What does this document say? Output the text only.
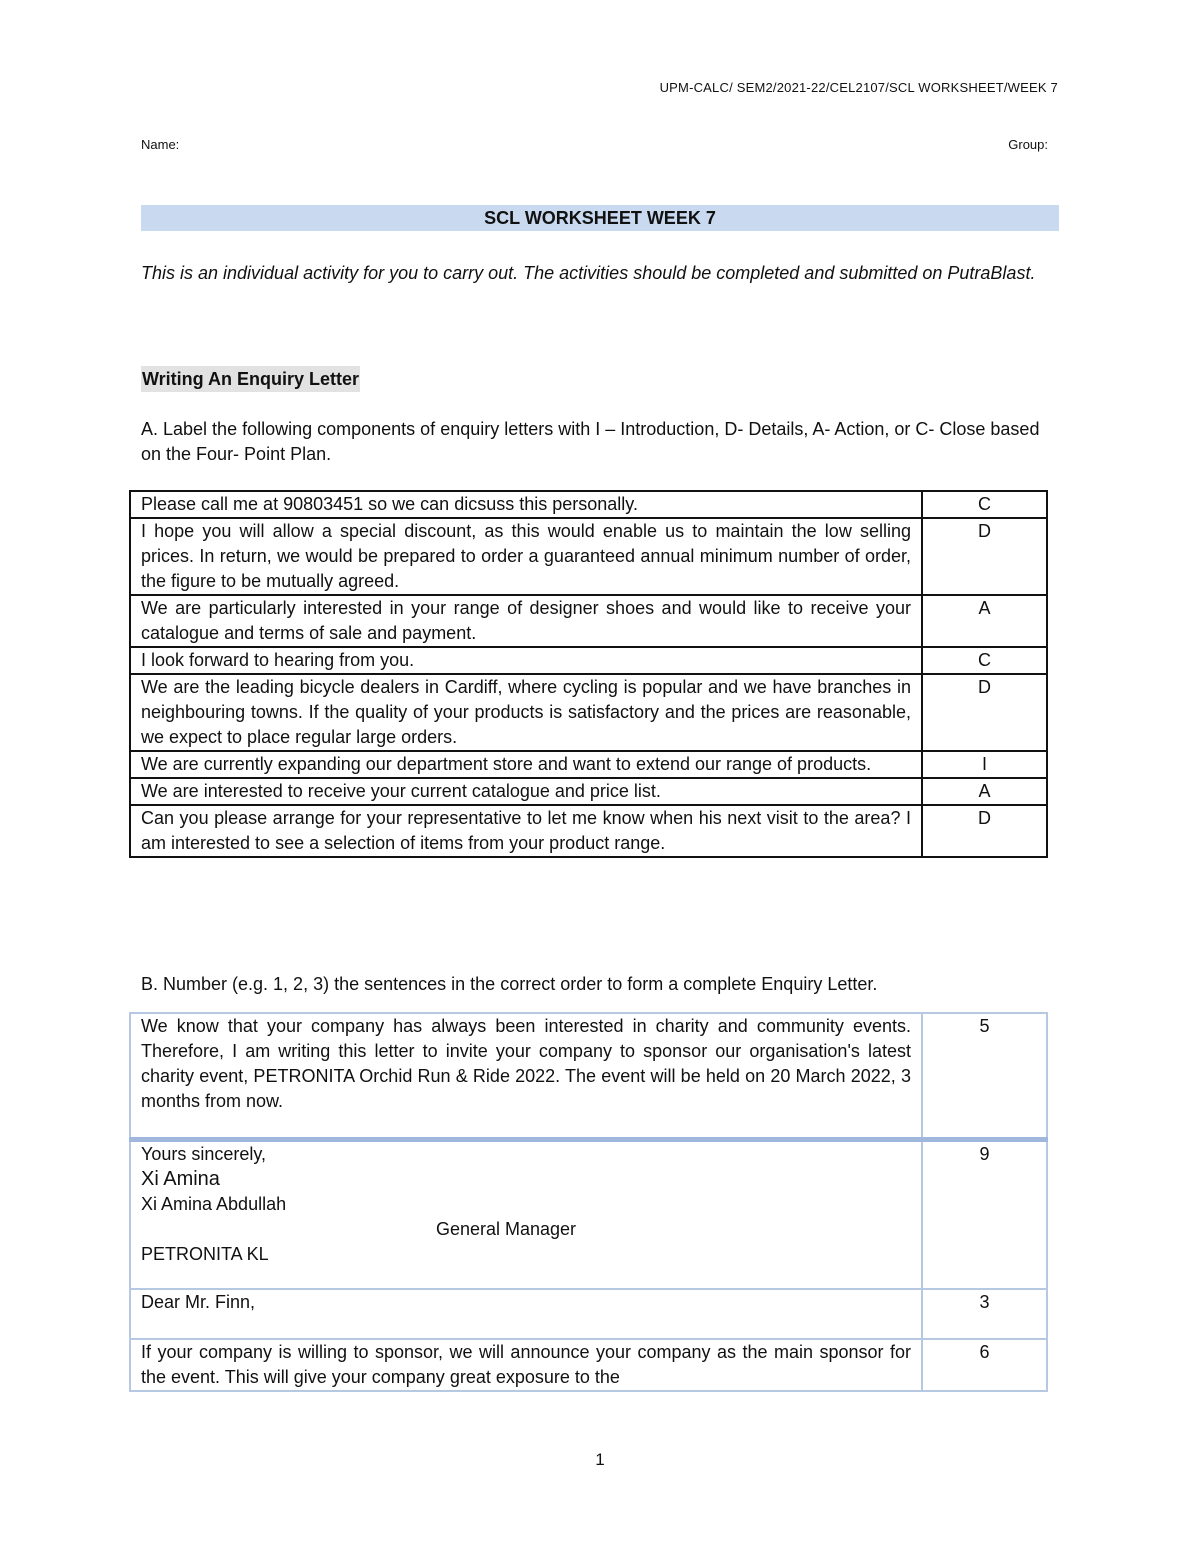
UPM-CALC/ SEM2/2021-22/CEL2107/SCL WORKSHEET/WEEK 7
Name:	Group:
SCL WORKSHEET WEEK 7
This is an individual activity for you to carry out. The activities should be completed and submitted on PutraBlast.
Writing An Enquiry Letter
A. Label the following components of enquiry letters with I – Introduction, D- Details, A- Action, or C- Close based on the Four- Point Plan.
Please call me at 90803451 so we can dicsuss this personally.	C
I hope you will allow a special discount, as this would enable us to maintain the low selling prices. In return, we would be prepared to order a guaranteed annual minimum number of order, the figure to be mutually agreed.	D
We are particularly interested in your range of designer shoes and would like to receive your catalogue and terms of sale and payment.	A
I look forward to hearing from you.	C
We are the leading bicycle dealers in Cardiff, where cycling is popular and we have branches in neighbouring towns. If the quality of your products is satisfactory and the prices are reasonable, we expect to place regular large orders.	D
We are currently expanding our department store and want to extend our range of products.	I
We are interested to receive your current catalogue and price list.	A
Can you please arrange for your representative to let me know when his next visit to the area? I am interested to see a selection of items from your product range.	D
B. Number (e.g. 1, 2, 3) the sentences in the correct order to form a complete Enquiry Letter.
We know that your company has always been interested in charity and community events. Therefore, I am writing this letter to invite your company to sponsor our organisation's latest charity event, PETRONITA Orchid Run & Ride 2022. The event will be held on 20 March 2022, 3 months from now.	5

Yours sincerely,
Xi Amina
Xi Amina Abdullah
General Manager
PETRONITA KL	9
Dear Mr. Finn,	3
If your company is willing to sponsor, we will announce your company as the main sponsor for the event. This will give your company great exposure to the	6
1
